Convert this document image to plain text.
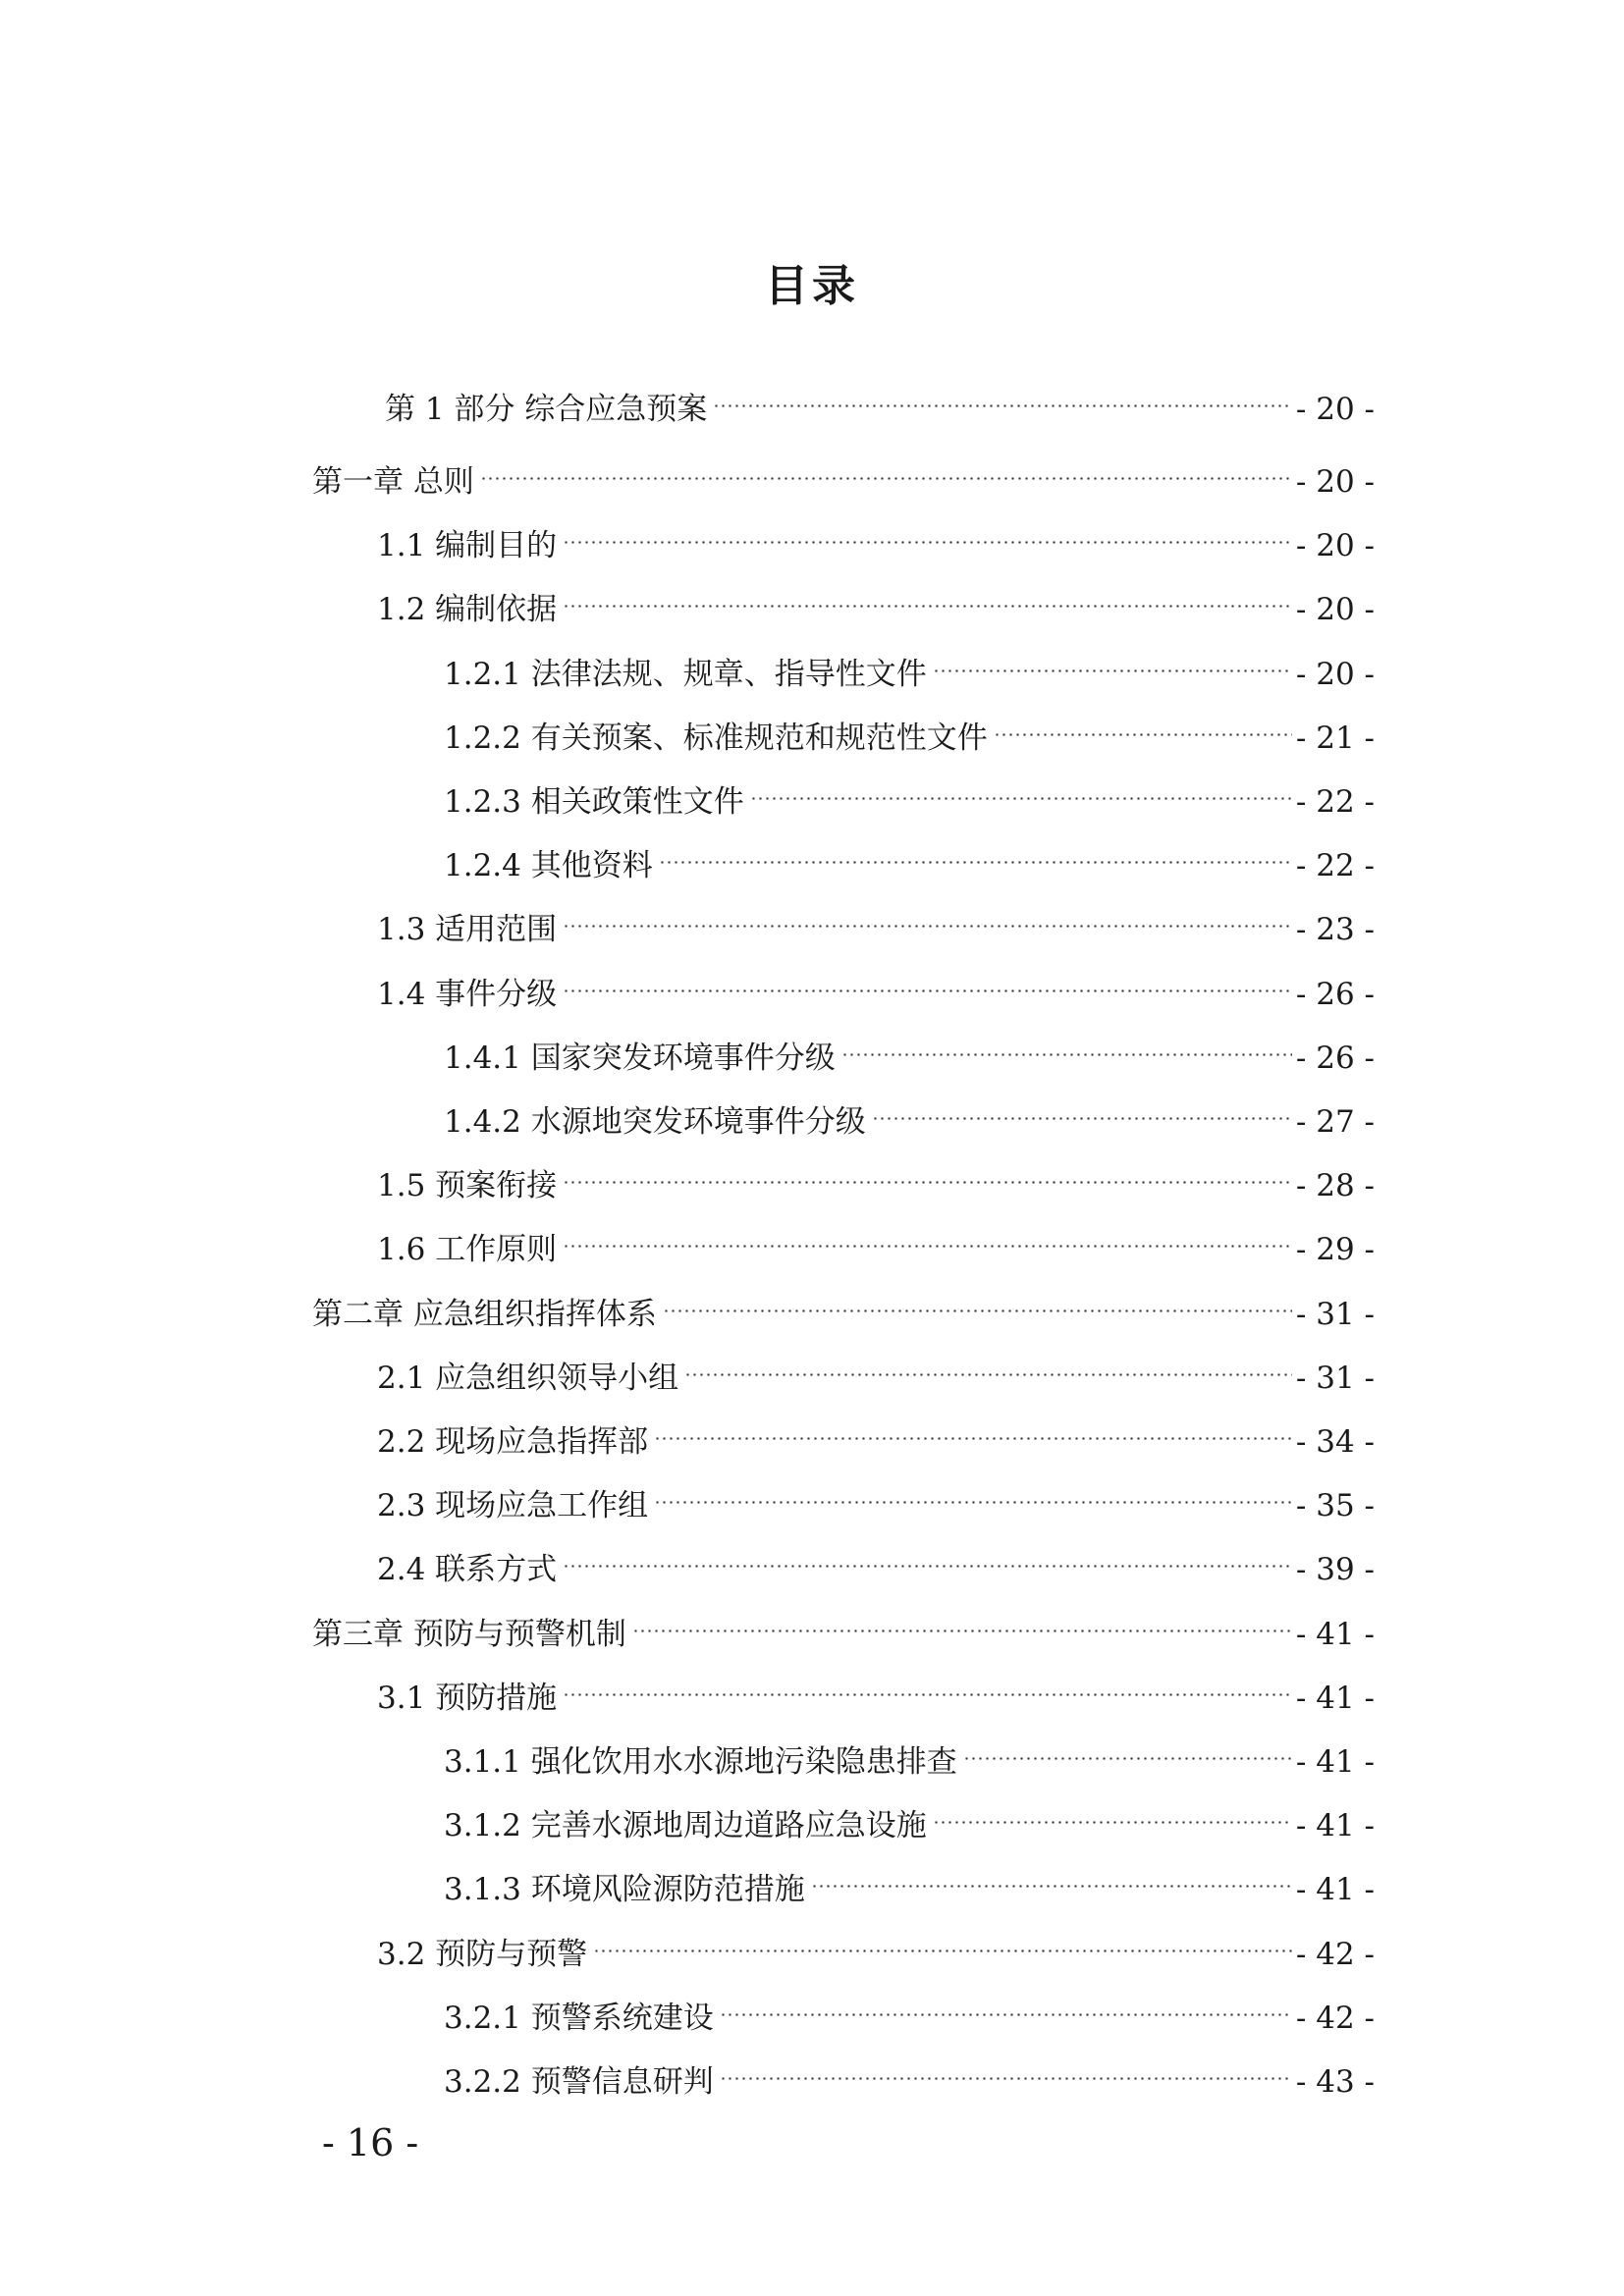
目录
第 1 部分 综合应急预案	- 20 -
第一章 总则	- 20 -
1.1 编制目的	- 20 -
1.2 编制依据	- 20 -
1.2.1 法律法规、规章、指导性文件	- 20 -
1.2.2 有关预案、标准规范和规范性文件	- 21 -
1.2.3 相关政策性文件	- 22 -
1.2.4 其他资料	- 22 -
1.3 适用范围	- 23 -
1.4 事件分级	- 26 -
1.4.1 国家突发环境事件分级	- 26 -
1.4.2 水源地突发环境事件分级	- 27 -
1.5 预案衔接	- 28 -
1.6 工作原则	- 29 -
第二章 应急组织指挥体系	- 31 -
2.1 应急组织领导小组	- 31 -
2.2 现场应急指挥部	- 34 -
2.3 现场应急工作组	- 35 -
2.4 联系方式	- 39 -
第三章 预防与预警机制	- 41 -
3.1 预防措施	- 41 -
3.1.1 强化饮用水水源地污染隐患排查	- 41 -
3.1.2 完善水源地周边道路应急设施	- 41 -
3.1.3 环境风险源防范措施	- 41 -
3.2 预防与预警	- 42 -
3.2.1 预警系统建设	- 42 -
3.2.2 预警信息研判	- 43 -
- 16 -
